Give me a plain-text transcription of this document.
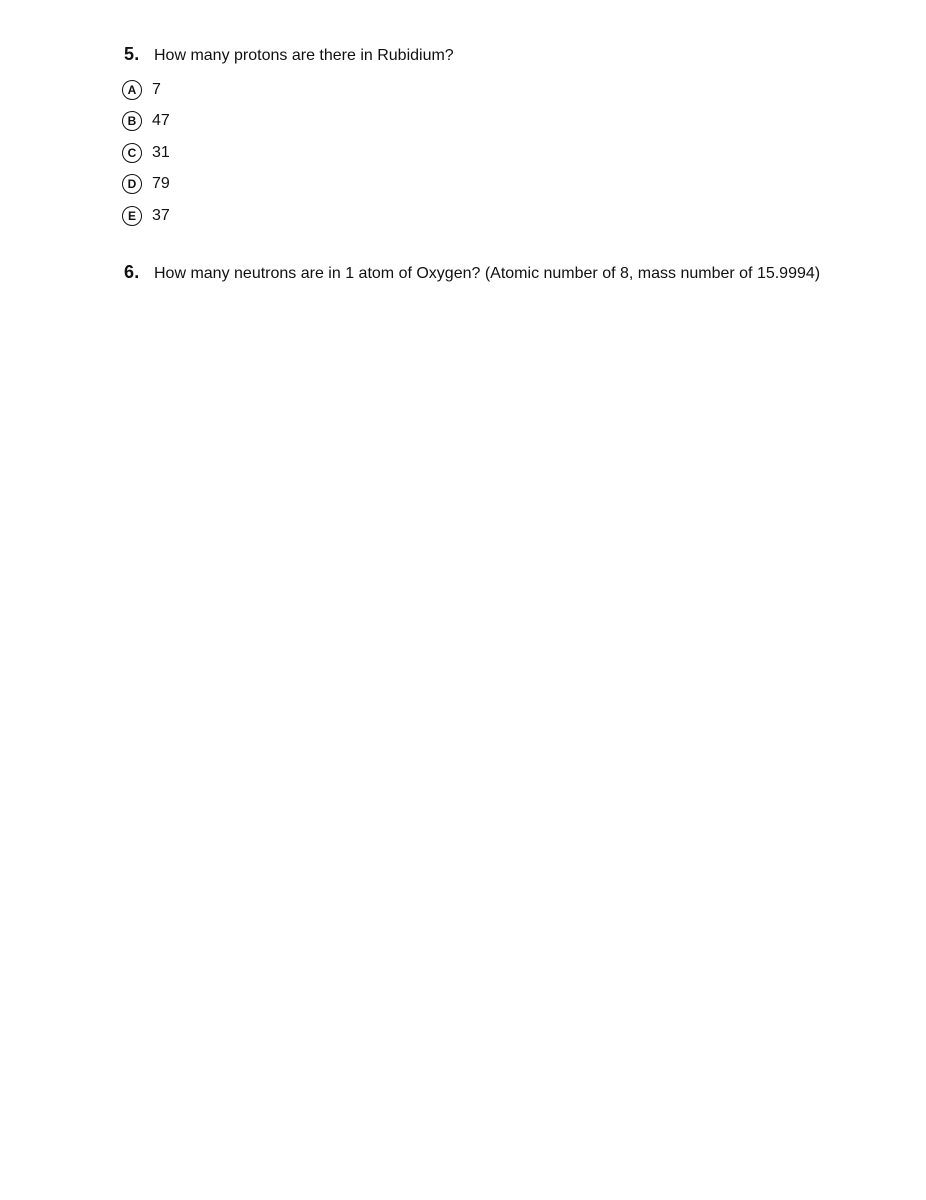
5. How many protons are there in Rubidium?
A 7
B 47
C 31
D 79
E	37
6. How many neutrons are in 1 atom of Oxygen? (Atomic number of 8, mass number of 15.9994)
